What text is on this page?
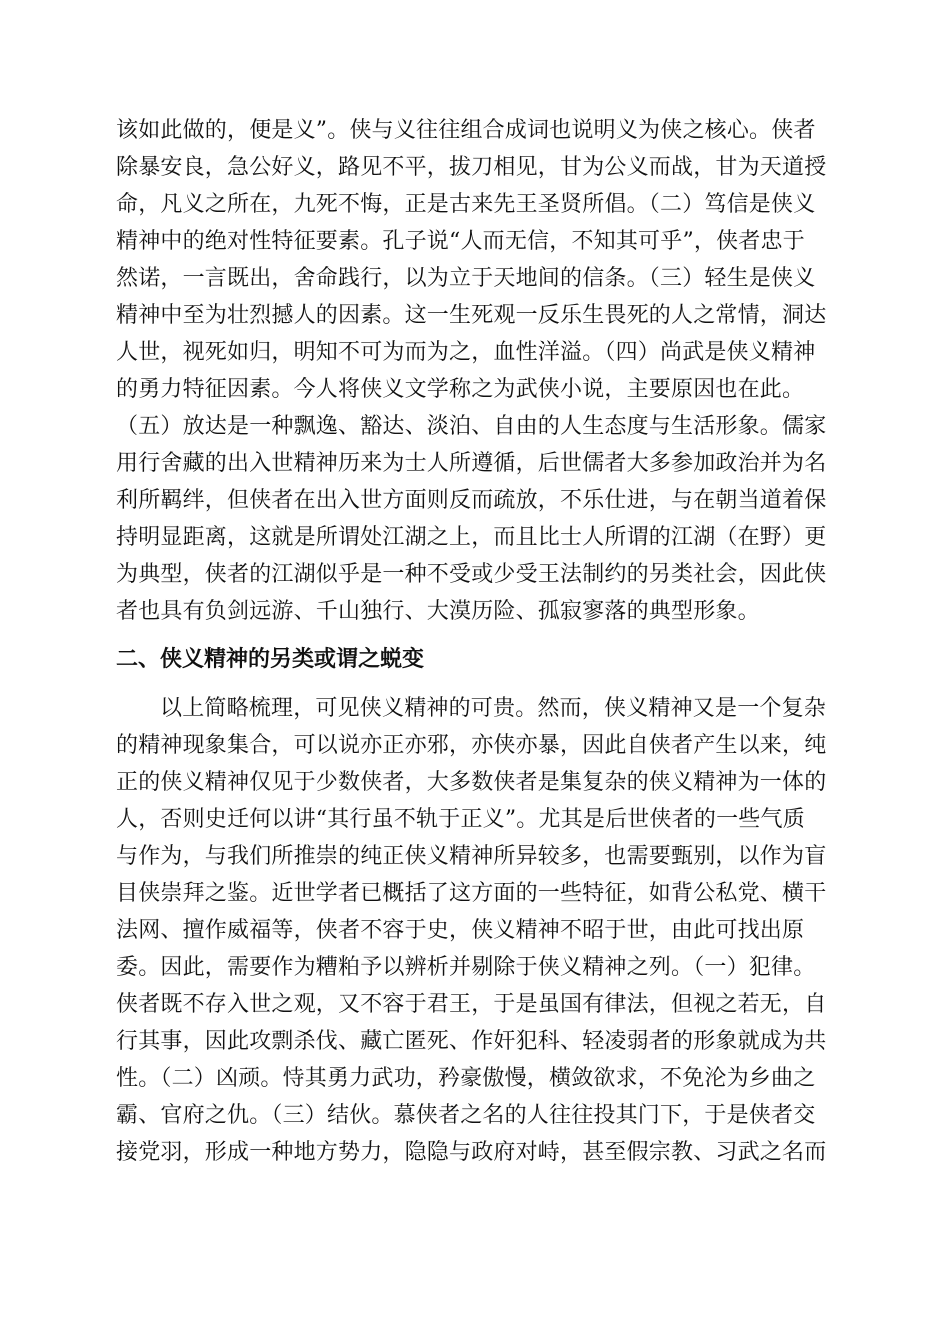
该如此做的，便是义”。侠与义往往组合成词也说明义为侠之核心。侠者
除暴安良，急公好义，路见不平，拔刀相见，甘为公义而战，甘为天道授
命，凡义之所在，九死不悔，正是古来先王圣贤所倡。（二）笃信是侠义
精神中的绝对性特征要素。孔子说“人而无信，不知其可乎”，侠者忠于
然诺，一言既出，舍命践行，以为立于天地间的信条。（三）轻生是侠义
精神中至为壮烈撼人的因素。这一生死观一反乐生畏死的人之常情，洞达
人世，视死如归，明知不可为而为之，血性洋溢。（四）尚武是侠义精神
的勇力特征因素。今人将侠义文学称之为武侠小说，主要原因也在此。
（五）放达是一种飘逸、豁达、淡泊、自由的人生态度与生活形象。儒家
用行舍藏的出入世精神历来为士人所遵循，后世儒者大多参加政治并为名
利所羁绊，但侠者在出入世方面则反而疏放，不乐仕进，与在朝当道着保
持明显距离，这就是所谓处江湖之上，而且比士人所谓的江湖（在野）更
为典型，侠者的江湖似乎是一种不受或少受王法制约的另类社会，因此侠
者也具有负剑远游、千山独行、大漠历险、孤寂寥落的典型形象。
二、侠义精神的另类或谓之蜕变
以上简略梳理，可见侠义精神的可贵。然而，侠义精神又是一个复杂
的精神现象集合，可以说亦正亦邪，亦侠亦暴，因此自侠者产生以来，纯
正的侠义精神仅见于少数侠者，大多数侠者是集复杂的侠义精神为一体的
人，否则史迁何以讲“其行虽不轨于正义”。尤其是后世侠者的一些气质
与作为，与我们所推崇的纯正侠义精神所异较多，也需要甄别，以作为盲
目侠崇拜之鉴。近世学者已概括了这方面的一些特征，如背公私党、横干
法网、擅作威福等，侠者不容于史，侠义精神不昭于世，由此可找出原
委。因此，需要作为糟粕予以辨析并剔除于侠义精神之列。（一）犯律。
侠者既不存入世之观，又不容于君王，于是虽国有律法，但视之若无，自
行其事，因此攻剽杀伐、藏亡匿死、作奸犯科、轻凌弱者的形象就成为共
性。（二）凶顽。恃其勇力武功，矜豪傲慢，横敛欲求，不免沦为乡曲之
霸、官府之仇。（三）结伙。慕侠者之名的人往往投其门下，于是侠者交
接党羽，形成一种地方势力，隐隐与政府对峙，甚至假宗教、习武之名而
